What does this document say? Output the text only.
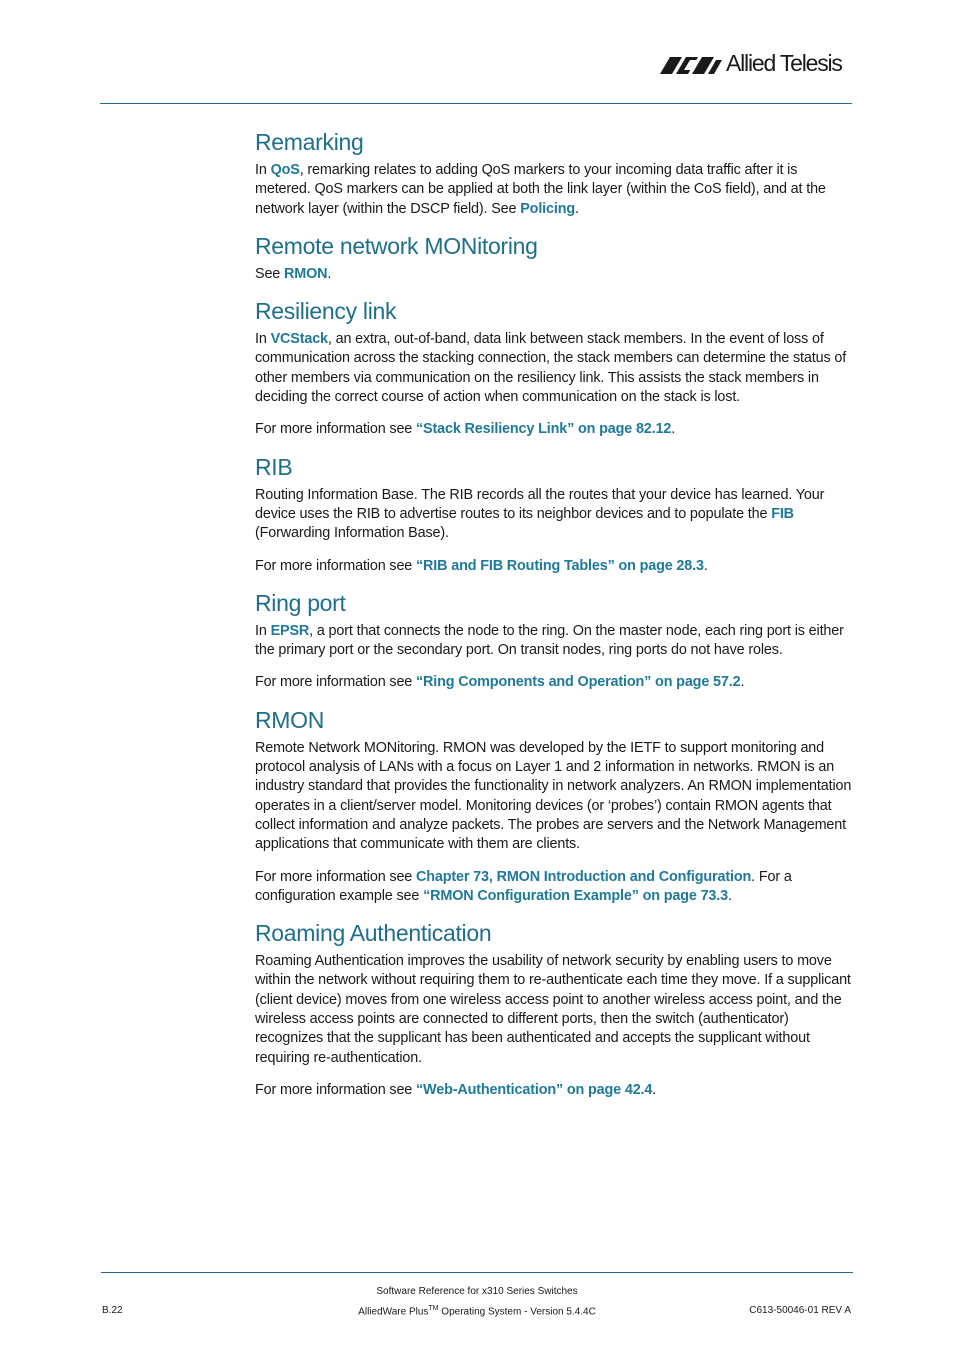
Allied Telesis
Remarking

In QoS, remarking relates to adding QoS markers to your incoming data traffic after it is metered. QoS markers can be applied at both the link layer (within the CoS field), and at the network layer (within the DSCP field). See Policing.

Remote network MONitoring

See RMON.

Resiliency link

In VCStack, an extra, out-of-band, data link between stack members. In the event of loss of communication across the stacking connection, the stack members can determine the status of other members via communication on the resiliency link. This assists the stack members in deciding the correct course of action when communication on the stack is lost.

For more information see “Stack Resiliency Link” on page 82.12.

RIB

Routing Information Base. The RIB records all the routes that your device has learned. Your device uses the RIB to advertise routes to its neighbor devices and to populate the FIB (Forwarding Information Base).

For more information see “RIB and FIB Routing Tables” on page 28.3.

Ring port

In EPSR, a port that connects the node to the ring. On the master node, each ring port is either the primary port or the secondary port. On transit nodes, ring ports do not have roles.

For more information see “Ring Components and Operation” on page 57.2.

RMON

Remote Network MONitoring. RMON was developed by the IETF to support monitoring and protocol analysis of LANs with a focus on Layer 1 and 2 information in networks. RMON is an industry standard that provides the functionality in network analyzers. An RMON implementation operates in a client/server model. Monitoring devices (or ‘probes’) contain RMON agents that collect information and analyze packets. The probes are servers and the Network Management applications that communicate with them are clients.

For more information see Chapter 73, RMON Introduction and Configuration. For a configuration example see “RMON Configuration Example” on page 73.3.

Roaming Authentication

Roaming Authentication improves the usability of network security by enabling users to move within the network without requiring them to re-authenticate each time they move. If a supplicant (client device) moves from one wireless access point to another wireless access point, and the wireless access points are connected to different ports, then the switch (authenticator) recognizes that the supplicant has been authenticated and accepts the supplicant without requiring re-authentication.

For more information see “Web-Authentication” on page 42.4.

Software Reference for x310 Series Switches
B.22	AlliedWare Plus™ Operating System - Version 5.4.4C	C613-50046-01 REV A
